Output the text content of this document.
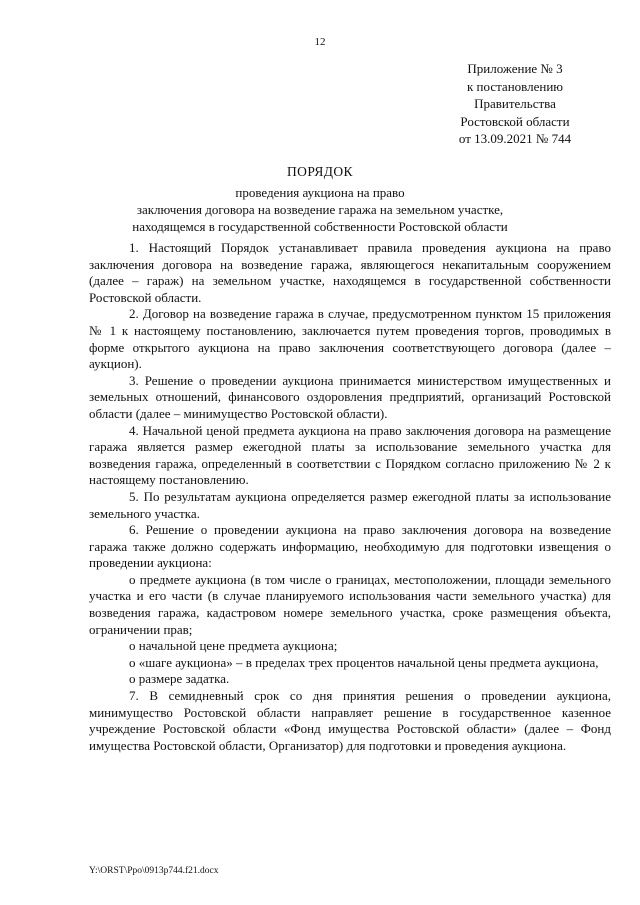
12
Приложение № 3
к постановлению
Правительства
Ростовской области
от 13.09.2021 № 744
ПОРЯДОК
проведения аукциона на право
заключения договора на возведение гаража на земельном участке,
находящемся в государственной собственности Ростовской области

1. Настоящий Порядок устанавливает правила проведения аукциона на право заключения договора на возведение гаража, являющегося некапитальным сооружением (далее – гараж) на земельном участке, находящемся в государственной собственности Ростовской области.

2. Договор на возведение гаража в случае, предусмотренном пунктом 15 приложения № 1 к настоящему постановлению, заключается путем проведения торгов, проводимых в форме открытого аукциона на право заключения соответствующего договора (далее – аукцион).

3. Решение о проведении аукциона принимается министерством имущественных и земельных отношений, финансового оздоровления предприятий, организаций Ростовской области (далее – минимущество Ростовской области).

4. Начальной ценой предмета аукциона на право заключения договора на размещение гаража является размер ежегодной платы за использование земельного участка для возведения гаража, определенный в соответствии с Порядком согласно приложению № 2 к настоящему постановлению.

5. По результатам аукциона определяется размер ежегодной платы за использование земельного участка.

6. Решение о проведении аукциона на право заключения договора на возведение гаража также должно содержать информацию, необходимую для подготовки извещения о проведении аукциона:

о предмете аукциона (в том числе о границах, местоположении, площади земельного участка и его части (в случае планируемого использования части земельного участка) для возведения гаража, кадастровом номере земельного участка, сроке размещения объекта, ограничении прав;

о начальной цене предмета аукциона;

о «шаге аукциона» – в пределах трех процентов начальной цены предмета аукциона,

о размере задатка.

7. В семидневный срок со дня принятия решения о проведении аукциона, минимущество Ростовской области направляет решение в государственное казенное учреждение Ростовской области «Фонд имущества Ростовской области» (далее – Фонд имущества Ростовской области, Организатор) для подготовки и проведения аукциона.

Y:\ORST\Ppo\0913p744.f21.docx
